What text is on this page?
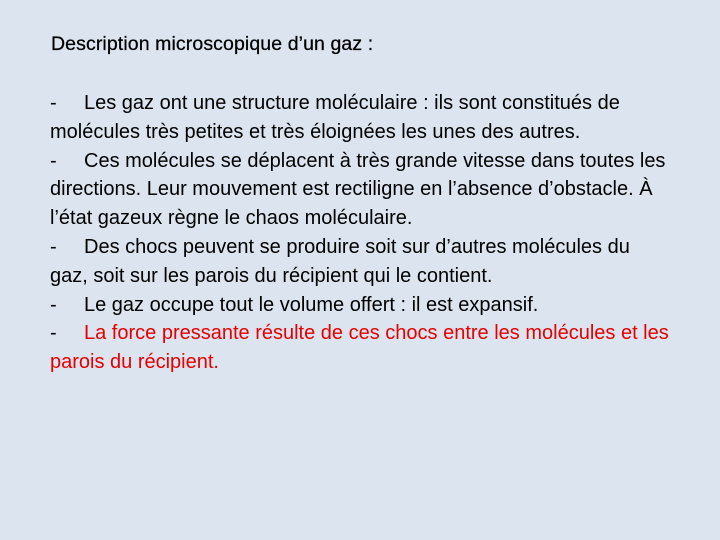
Description microscopique d’un gaz :

- Les gaz ont une structure moléculaire : ils sont constitués de molécules très petites et très éloignées les unes des autres.

- Ces molécules se déplacent à très grande vitesse dans toutes les directions. Leur mouvement est rectiligne en l’absence d’obstacle. À l’état gazeux règne le chaos moléculaire.

- Des chocs peuvent se produire soit sur d’autres molécules du gaz, soit sur les parois du récipient qui le contient.

- Le gaz occupe tout le volume offert : il est expansif.

- La force pressante résulte de ces chocs entre les molécules et les parois du récipient.
